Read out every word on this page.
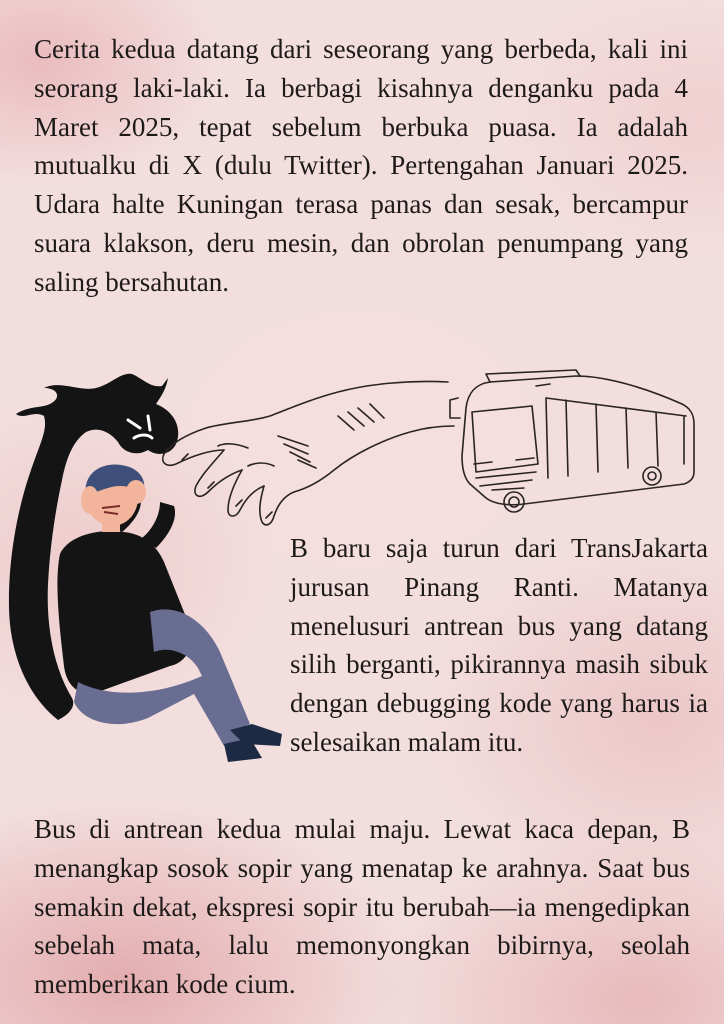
Cerita kedua datang dari seseorang yang berbeda, kali ini seorang laki-laki. Ia berbagi kisahnya denganku pada 4 Maret 2025, tepat sebelum berbuka puasa. Ia adalah mutualku di X (dulu Twitter). Pertengahan Januari 2025. Udara halte Kuningan terasa panas dan sesak, bercampur suara klakson, deru mesin, dan obrolan penumpang yang saling bersahutan.

B baru saja turun dari TransJakarta jurusan Pinang Ranti. Matanya menelusuri antrean bus yang datang silih berganti, pikirannya masih sibuk dengan debugging kode yang harus ia selesaikan malam itu.

Bus di antrean kedua mulai maju. Lewat kaca depan, B menangkap sosok sopir yang menatap ke arahnya. Saat bus semakin dekat, ekspresi sopir itu berubah—ia mengedipkan sebelah mata, lalu memonyongkan bibirnya, seolah memberikan kode cium.
